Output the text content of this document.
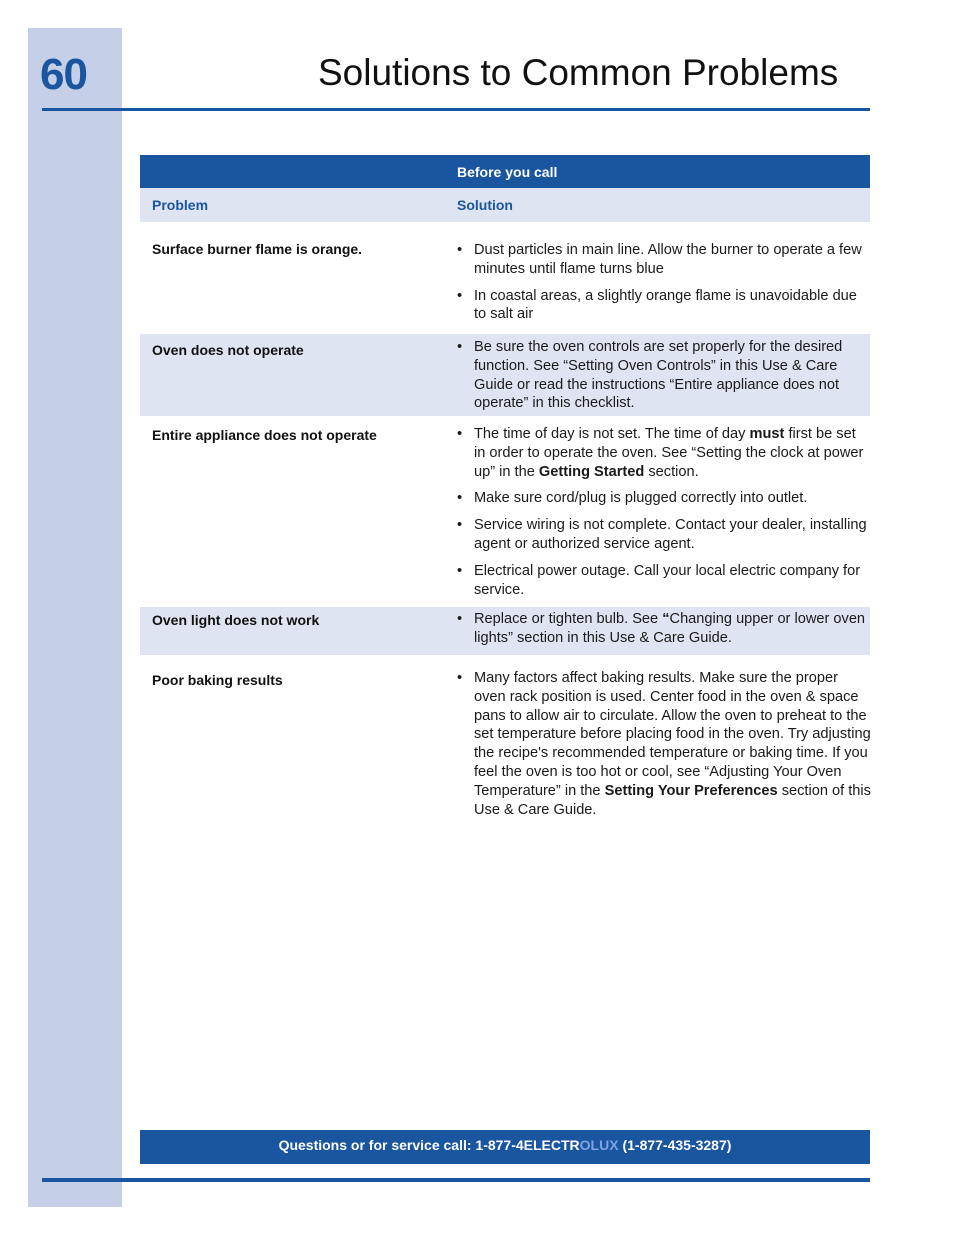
60	Solutions to Common Problems
Before you call
Problem	Solution
Surface burner flame is orange.	• Dust particles in main line. Allow the burner to operate a few minutes until flame turns blue
• In coastal areas, a slightly orange flame is unavoidable due to salt air
Oven does not operate	• Be sure the oven controls are set properly for the desired function. See “Setting Oven Controls” in this Use & Care Guide or read the instructions “Entire appliance does not operate” in this checklist.
Entire appliance does not operate	• The time of day is not set. The time of day must first be set in order to operate the oven. See “Setting the clock at power up” in the Getting Started section.
• Make sure cord/plug is plugged correctly into outlet.
• Service wiring is not complete. Contact your dealer, installing agent or authorized service agent.
• Electrical power outage. Call your local electric company for service.
Oven light does not work	• Replace or tighten bulb. See “Changing upper or lower oven lights” section in this Use & Care Guide.
Poor baking results	• Many factors affect baking results. Make sure the proper oven rack position is used. Center food in the oven & space pans to allow air to circulate. Allow the oven to preheat to the set temperature before placing food in the oven. Try adjusting the recipe's recommended temperature or baking time. If you feel the oven is too hot or cool, see “Adjusting Your Oven Temperature” in the Setting Your Preferences section of this Use & Care Guide.
Questions or for service call: 1-877-4ELECTROLUX (1-877-435-3287)
